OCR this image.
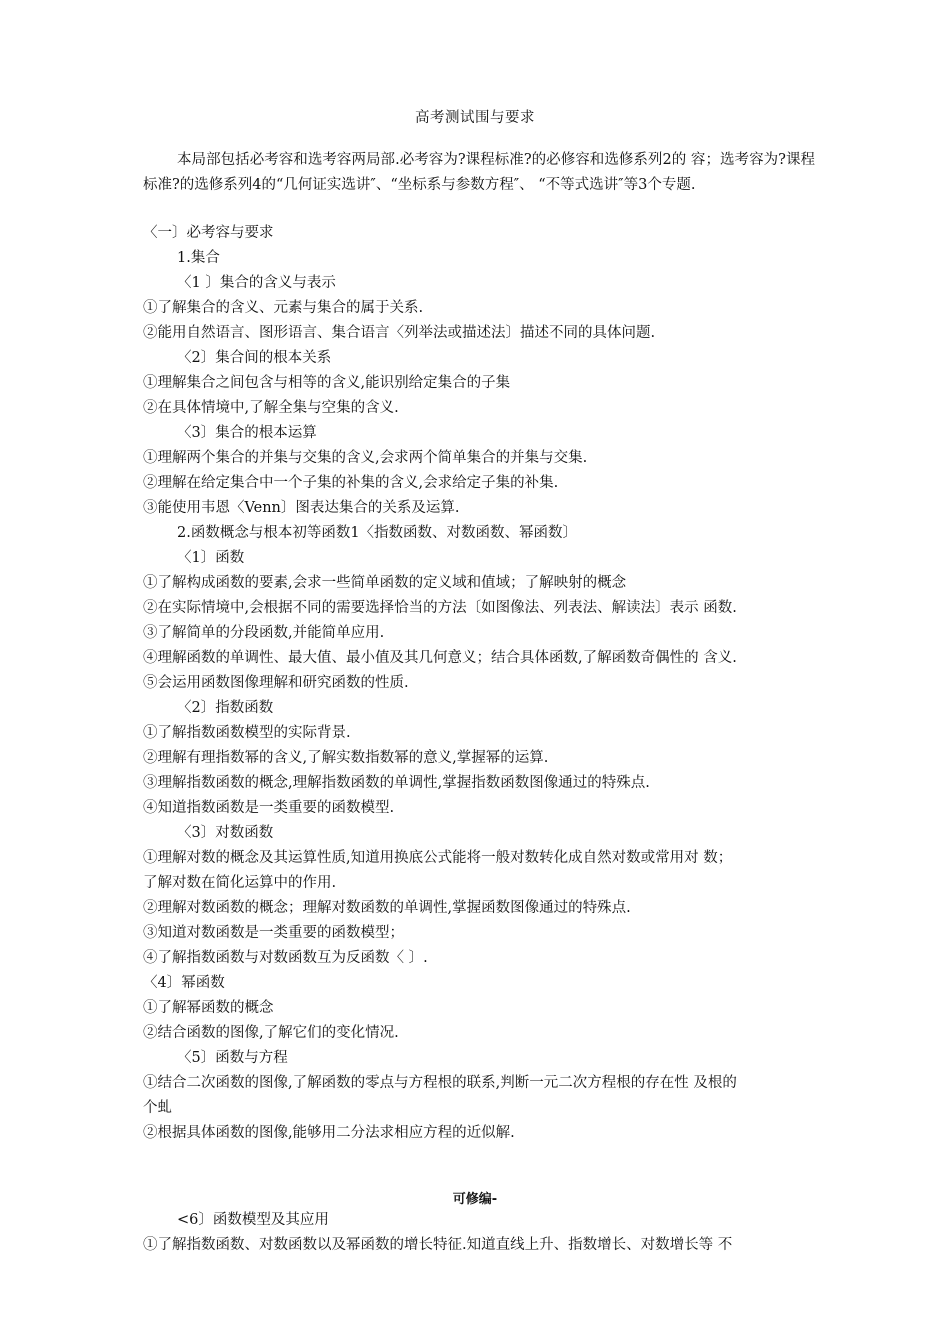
高考测试围与要求
本局部包括必考容和选考容两局部.必考容为?课程标准?的必修容和选修系列2的 容；选考容为?课程标准?的选修系列4的“几何证实选讲″、“坐标系与参数方程″、 “不等式选讲″等3个专题.
〈一〕必考容与要求
1.集合
〈1 〕集合的含义与表示
①了解集合的含义、元素与集合的属于关系.
②能用自然语言、图形语言、集合语言〈列举法或描述法〕描述不同的具体问题.
〈2〕集合间的根本关系
①理解集合之间包含与相等的含义,能识别给定集合的子集
②在具体情境中,了解全集与空集的含义.
〈3〕集合的根本运算
①理解两个集合的并集与交集的含义,会求两个简单集合的并集与交集.
②理解在给定集合中一个子集的补集的含义,会求给定子集的补集.
③能使用韦恩〈Venn〕图表达集合的关系及运算.
2.函数概念与根本初等函数1〈指数函数、对数函数、幂函数〕
〈1〕函数
①了解构成函数的要素,会求一些简单函数的定义域和值域；了解映射的概念
②在实际情境中,会根据不同的需要选择恰当的方法〔如图像法、列表法、解读法〕表示 函数.
③了解简单的分段函数,并能简单应用.
④理解函数的单调性、最大值、最小值及其几何意义；结合具体函数,了解函数奇偶性的 含义.
⑤会运用函数图像理解和研究函数的性质.
〈2〕指数函数
①了解指数函数模型的实际背景.
②理解有理指数幂的含义,了解实数指数幂的意义,掌握幂的运算.
③理解指数函数的概念,理解指数函数的单调性,掌握指数函数图像通过的特殊点.
④知道指数函数是一类重要的函数模型.
〈3〕对数函数
①理解对数的概念及其运算性质,知道用换底公式能将一般对数转化成自然对数或常用对 数；
了解对数在简化运算中的作用.
②理解对数函数的概念；理解对数函数的单调性,掌握函数图像通过的特殊点.
③知道对数函数是一类重要的函数模型；
④了解指数函数与对数函数互为反函数〈 〕.
〈4〕幂函数
①了解幂函数的概念
②结合函数的图像,了解它们的变化情况.
〈5〕函数与方程
①结合二次函数的图像,了解函数的零点与方程根的联系,判断一元二次方程根的存在性 及根的
个虬
②根据具体函数的图像,能够用二分法求相应方程的近似解.
可修编-
<6〕函数模型及其应用
①了解指数函数、对数函数以及幂函数的增长特征.知道直线上升、指数增长、对数增长等 不
